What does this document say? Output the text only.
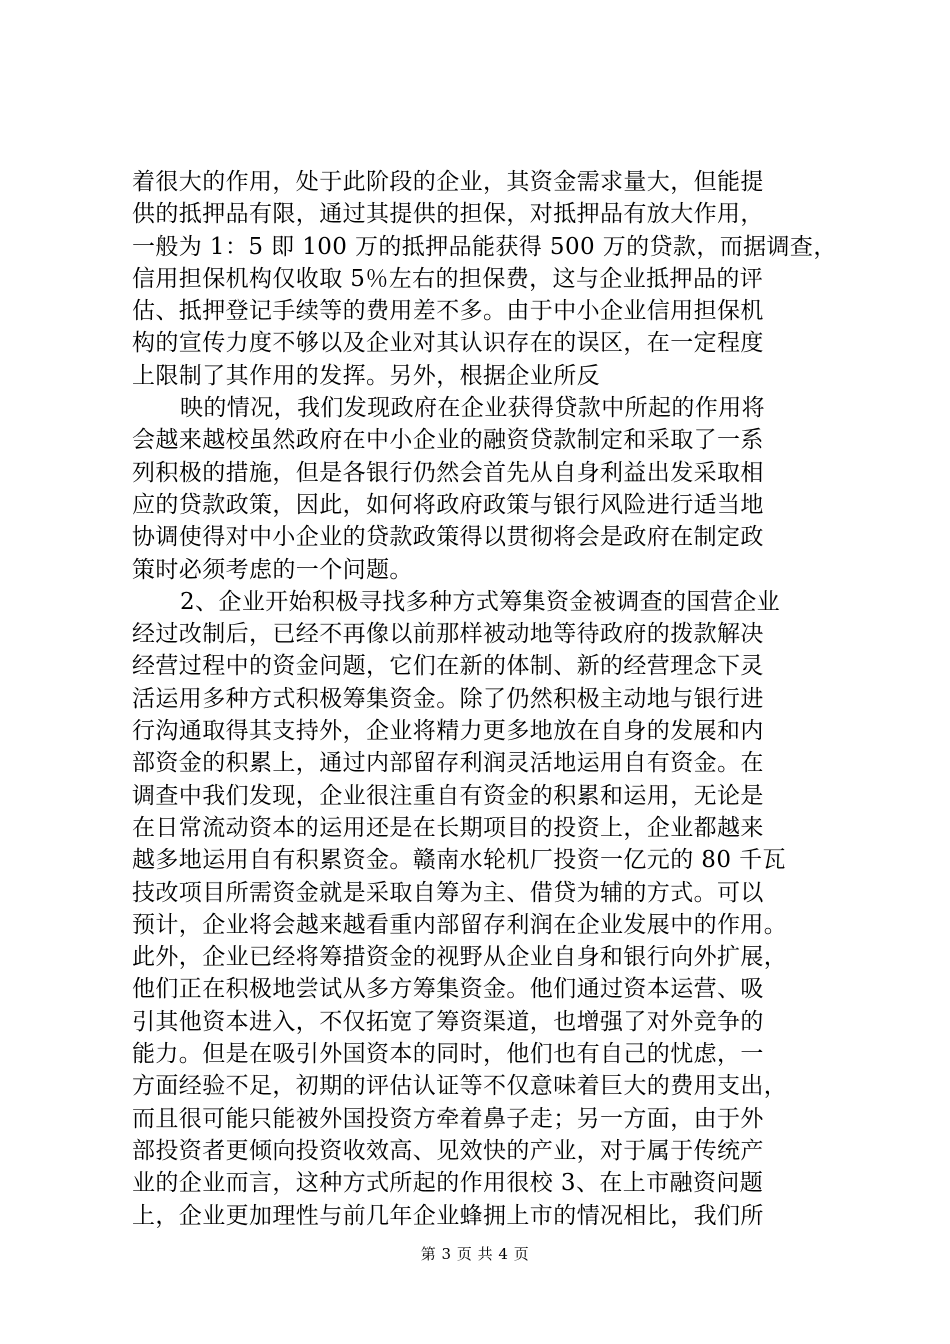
着很大的作用，处于此阶段的企业，其资金需求量大，但能提
供的抵押品有限，通过其提供的担保，对抵押品有放大作用，
一般为 1：5 即 100 万的抵押品能获得 500 万的贷款，而据调查，
信用担保机构仅收取 5％左右的担保费，这与企业抵押品的评
估、抵押登记手续等的费用差不多。由于中小企业信用担保机
构的宣传力度不够以及企业对其认识存在的误区，在一定程度
上限制了其作用的发挥。另外，根据企业所反
映的情况，我们发现政府在企业获得贷款中所起的作用将
会越来越校虽然政府在中小企业的融资贷款制定和采取了一系
列积极的措施，但是各银行仍然会首先从自身利益出发采取相
应的贷款政策，因此，如何将政府政策与银行风险进行适当地
协调使得对中小企业的贷款政策得以贯彻将会是政府在制定政
策时必须考虑的一个问题。
2、企业开始积极寻找多种方式筹集资金被调查的国营企业
经过改制后，已经不再像以前那样被动地等待政府的拨款解决
经营过程中的资金问题，它们在新的体制、新的经营理念下灵
活运用多种方式积极筹集资金。除了仍然积极主动地与银行进
行沟通取得其支持外，企业将精力更多地放在自身的发展和内
部资金的积累上，通过内部留存利润灵活地运用自有资金。在
调查中我们发现，企业很注重自有资金的积累和运用，无论是
在日常流动资本的运用还是在长期项目的投资上，企业都越来
越多地运用自有积累资金。赣南水轮机厂投资一亿元的 80 千瓦
技改项目所需资金就是采取自筹为主、借贷为辅的方式。可以
预计，企业将会越来越看重内部留存利润在企业发展中的作用。
此外，企业已经将筹措资金的视野从企业自身和银行向外扩展，
他们正在积极地尝试从多方筹集资金。他们通过资本运营、吸
引其他资本进入，不仅拓宽了筹资渠道，也增强了对外竞争的
能力。但是在吸引外国资本的同时，他们也有自己的忧虑，一
方面经验不足，初期的评估认证等不仅意味着巨大的费用支出，
而且很可能只能被外国投资方牵着鼻子走；另一方面，由于外
部投资者更倾向投资收效高、见效快的产业，对于属于传统产
业的企业而言，这种方式所起的作用很校 3、在上市融资问题
上，企业更加理性与前几年企业蜂拥上市的情况相比，我们所
第 3 页 共 4 页
